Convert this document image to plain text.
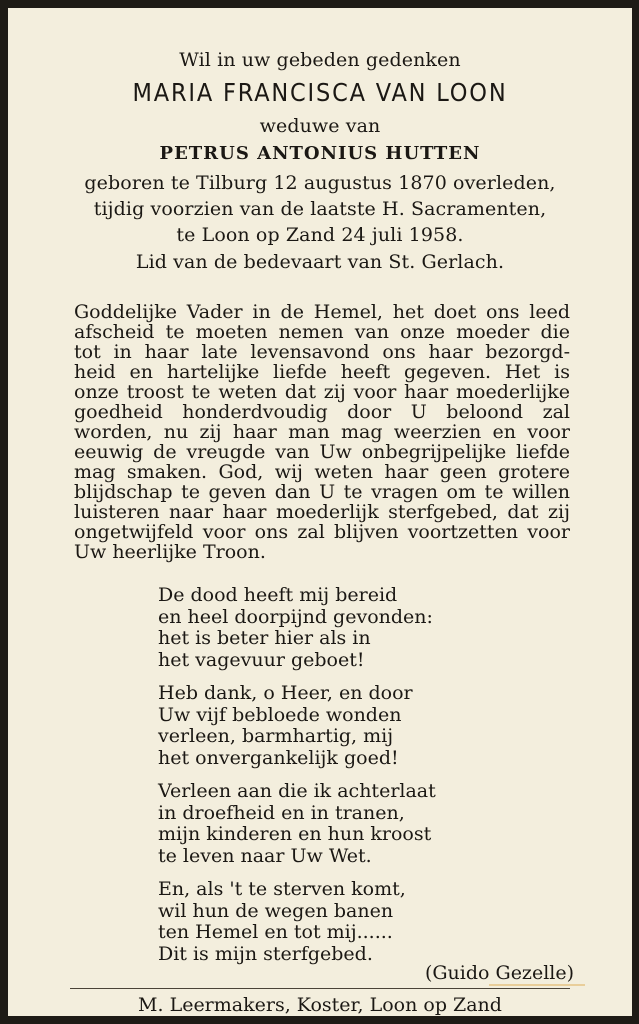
Wil in uw gebeden gedenken
MARIA FRANCISCA VAN LOON
weduwe van
PETRUS ANTONIUS HUTTEN
geboren te Tilburg 12 augustus 1870 overleden,
tijdig voorzien van de laatste H. Sacramenten,
te Loon op Zand 24 juli 1958.
Lid van de bedevaart van St. Gerlach.
Goddelijke Vader in de Hemel, het doet ons leed
afscheid te moeten nemen van onze moeder die
tot in haar late levensavond ons haar bezorgd-
heid en hartelijke liefde heeft gegeven. Het is
onze troost te weten dat zij voor haar moederlijke
goedheid honderdvoudig door U beloond zal
worden, nu zij haar man mag weerzien en voor
eeuwig de vreugde van Uw onbegrijpelijke liefde
mag smaken. God, wij weten haar geen grotere
blijdschap te geven dan U te vragen om te willen
luisteren naar haar moederlijk sterfgebed, dat zij
ongetwijfeld voor ons zal blijven voortzetten voor
Uw heerlijke Troon.
De dood heeft mij bereid
en heel doorpijnd gevonden:
het is beter hier als in
het vagevuur geboet!
Heb dank, o Heer, en door
Uw vijf bebloede wonden
verleen, barmhartig, mij
het onvergankelijk goed!
Verleen aan die ik achterlaat
in droefheid en in tranen,
mijn kinderen en hun kroost
te leven naar Uw Wet.
En, als 't te sterven komt,
wil hun de wegen banen
ten Hemel en tot mij......
Dit is mijn sterfgebed.
(Guido Gezelle)
M. Leermakers, Koster, Loon op Zand
